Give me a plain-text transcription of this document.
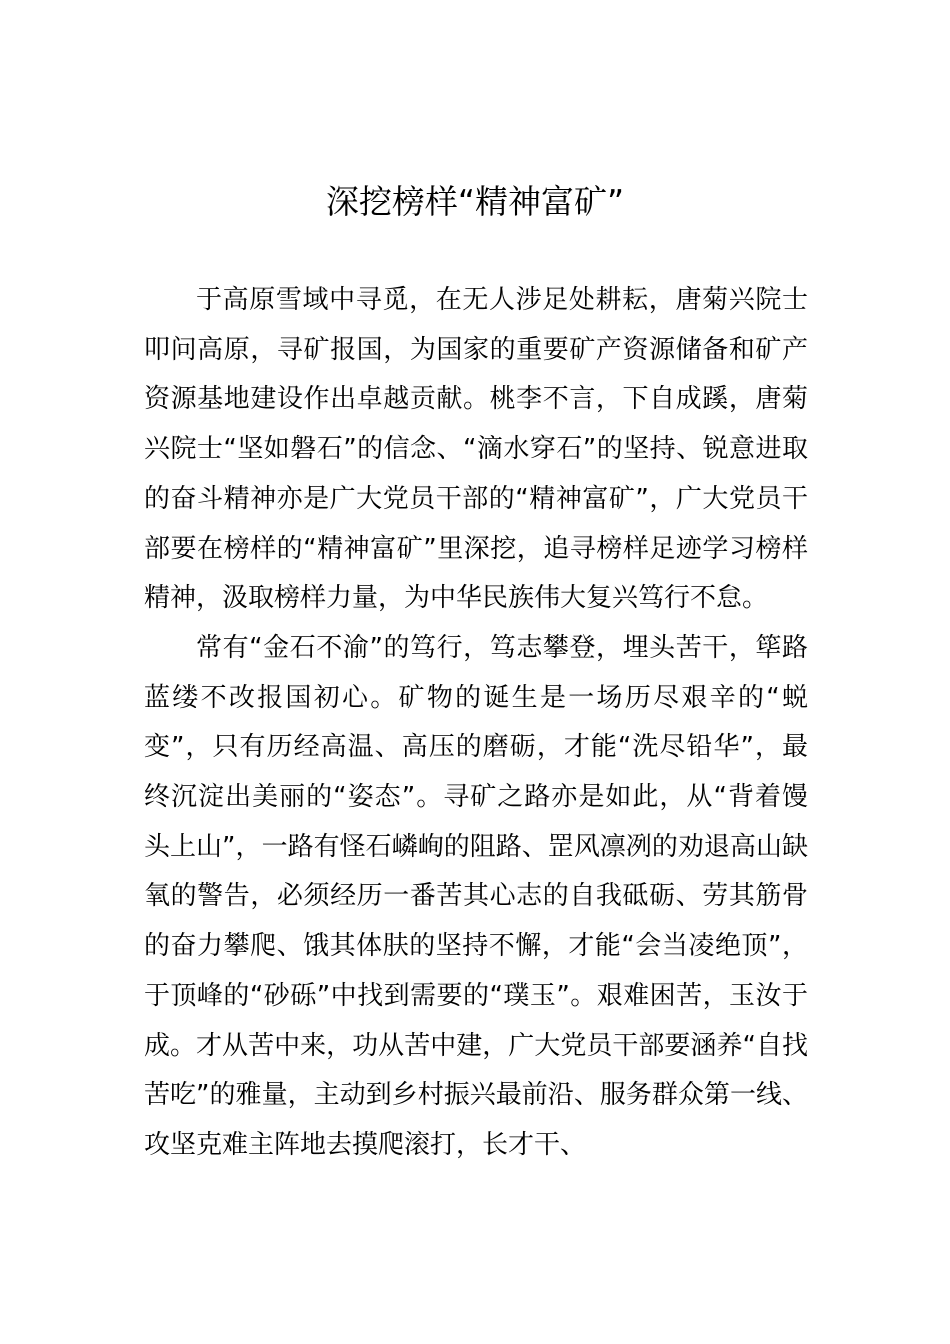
深挖榜样“精神富矿”

于高原雪域中寻觅，在无人涉足处耕耘，唐菊兴院士叩问高原，寻矿报国，为国家的重要矿产资源储备和矿产资源基地建设作出卓越贡献。桃李不言，下自成蹊，唐菊兴院士“坚如磐石”的信念、“滴水穿石”的坚持、锐意进取的奋斗精神亦是广大党员干部的“精神富矿”，广大党员干部要在榜样的“精神富矿”里深挖，追寻榜样足迹学习榜样精神，汲取榜样力量，为中华民族伟大复兴笃行不怠。

常有“金石不渝”的笃行，笃志攀登，埋头苦干，筚路蓝缕不改报国初心。矿物的诞生是一场历尽艰辛的“蜕变”，只有历经高温、高压的磨砺，才能“洗尽铅华”，最终沉淀出美丽的“姿态”。寻矿之路亦是如此，从“背着馒头上山”，一路有怪石嶙峋的阻路、罡风凛冽的劝退高山缺氧的警告，必须经历一番苦其心志的自我砥砺、劳其筋骨的奋力攀爬、饿其体肤的坚持不懈，才能“会当凌绝顶”，于顶峰的“砂砾”中找到需要的“璞玉”。艰难困苦，玉汝于成。才从苦中来，功从苦中建，广大党员干部要涵养“自找苦吃”的雅量，主动到乡村振兴最前沿、服务群众第一线、攻坚克难主阵地去摸爬滚打，长才干、
